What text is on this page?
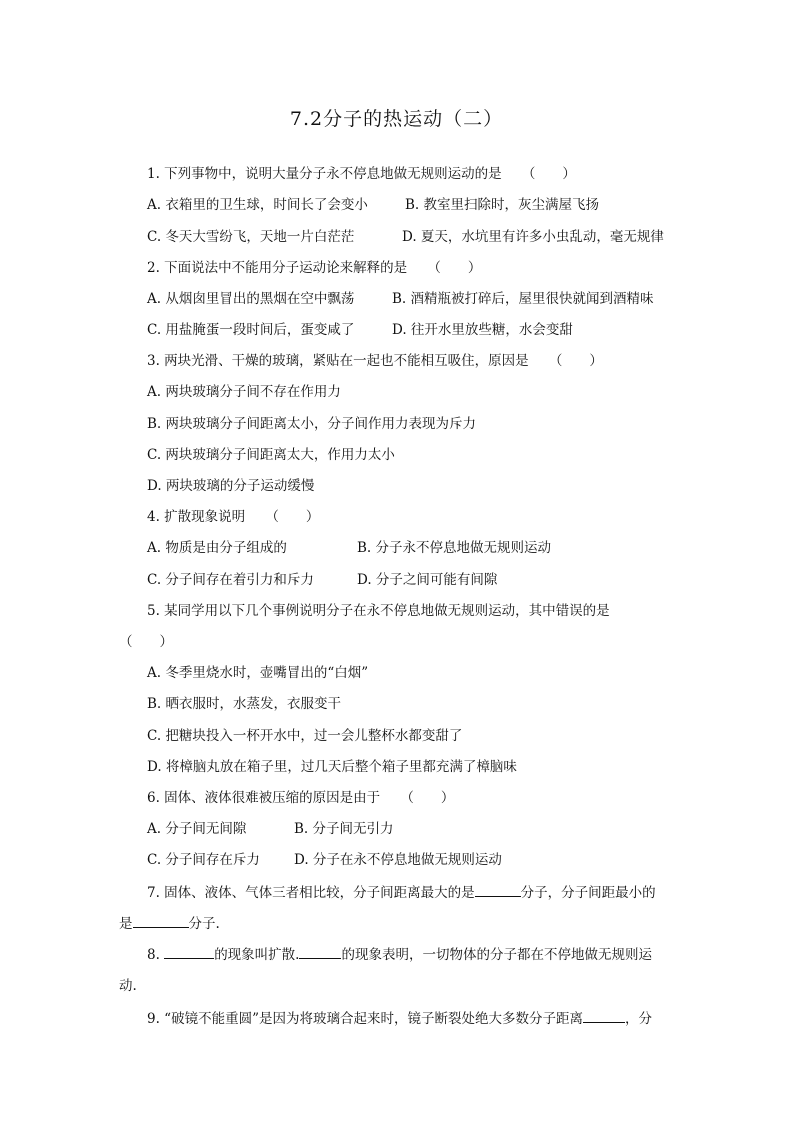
7.2分子的热运动（二）
1. 下列事物中，说明大量分子永不停息地做无规则运动的是　　（　　）
A. 衣箱里的卫生球，时间长了会变小	B. 教室里扫除时，灰尘满屋飞扬
C. 冬天大雪纷飞，天地一片白茫茫	D. 夏天，水坑里有许多小虫乱动，毫无规律
2. 下面说法中不能用分子运动论来解释的是　　（　　）
A. 从烟囱里冒出的黑烟在空中飘荡	B. 酒精瓶被打碎后，屋里很快就闻到酒精味
C. 用盐腌蛋一段时间后，蛋变咸了	D. 往开水里放些糖，水会变甜
3. 两块光滑、干燥的玻璃，紧贴在一起也不能相互吸住，原因是　　（　　）
A. 两块玻璃分子间不存在作用力
B. 两块玻璃分子间距离太小，分子间作用力表现为斥力
C. 两块玻璃分子间距离太大，作用力太小
D. 两块玻璃的分子运动缓慢
4. 扩散现象说明　　（　　）
A. 物质是由分子组成的	B. 分子永不停息地做无规则运动
C. 分子间存在着引力和斥力	D. 分子之间可能有间隙
5. 某同学用以下几个事例说明分子在永不停息地做无规则运动，其中错误的是
（　　）
A. 冬季里烧水时，壶嘴冒出的“白烟”
B. 晒衣服时，水蒸发，衣服变干
C. 把糖块投入一杯开水中，过一会儿整杯水都变甜了
D. 将樟脑丸放在箱子里，过几天后整个箱子里都充满了樟脑味
6. 固体、液体很难被压缩的原因是由于　　（　　）
A. 分子间无间隙	B. 分子间无引力
C. 分子间存在斥力	D. 分子在永不停息地做无规则运动
7. 固体、液体、气体三者相比较，分子间距离最大的是	分子，分子间距最小的
是	分子.
8.	的现象叫扩散.	的现象表明，一切物体的分子都在不停地做无规则运
动.
9. “破镜不能重圆”是因为将玻璃合起来时，镜子断裂处绝大多数分子距离	，分
